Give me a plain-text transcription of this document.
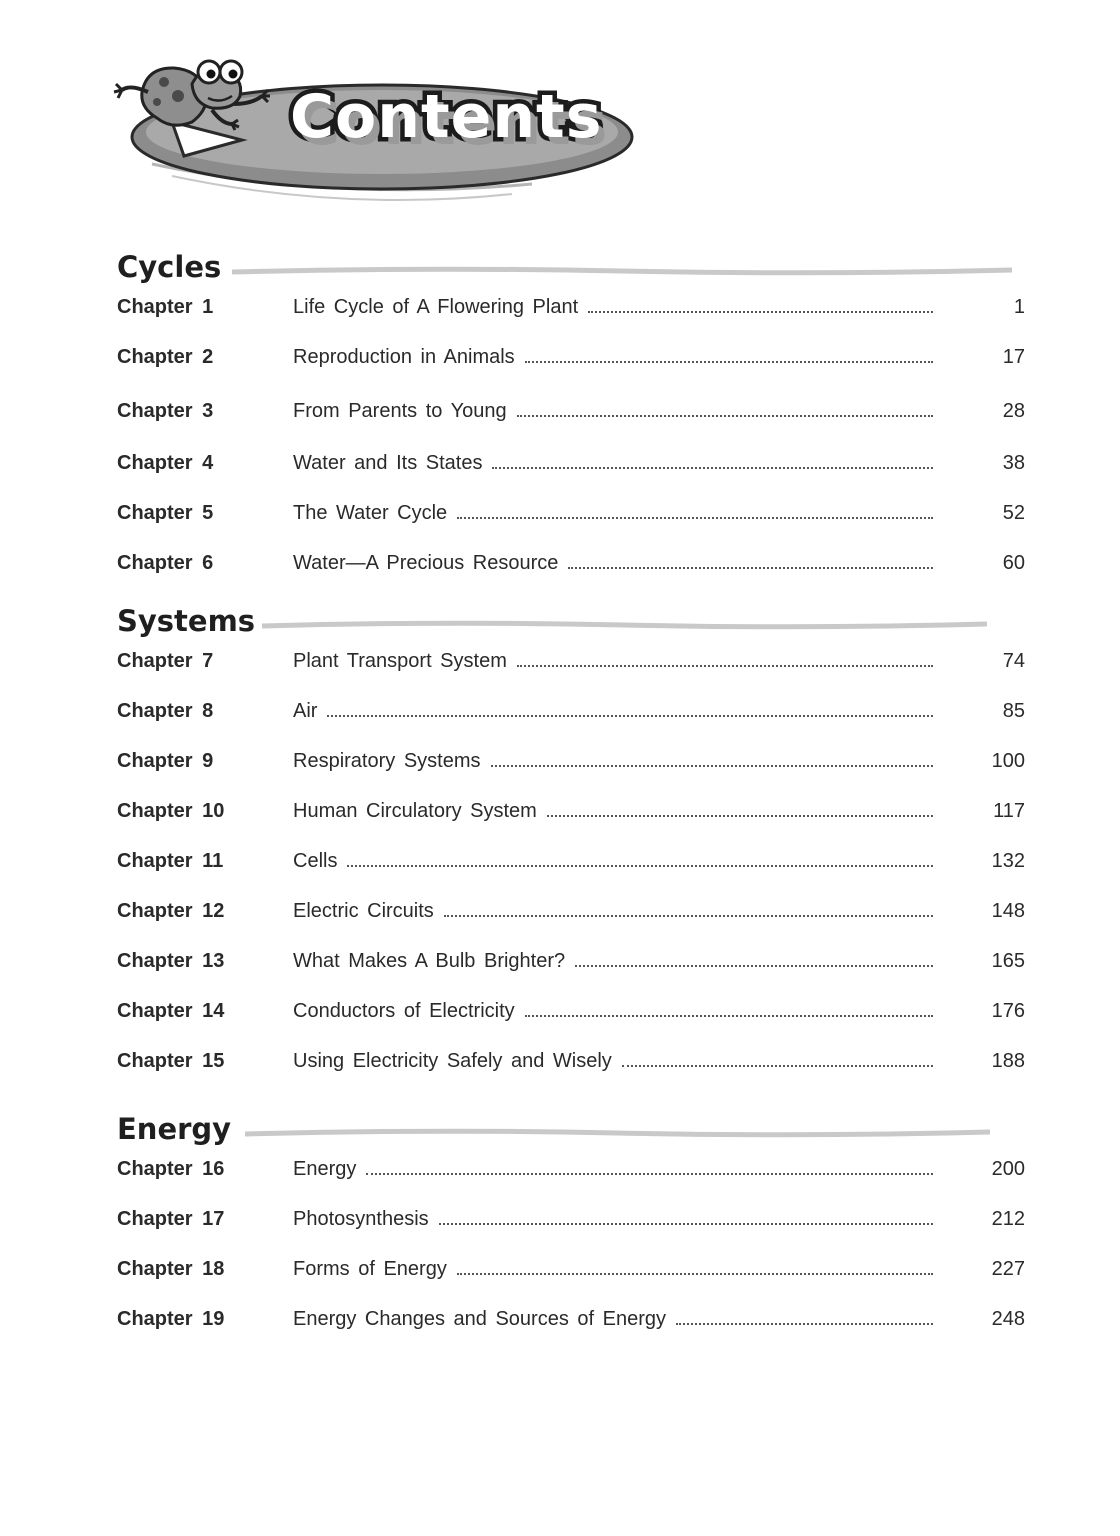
Contents
Cycles
Chapter 1	Life Cycle of A Flowering Plant	1
Chapter 2	Reproduction in Animals	17
Chapter 3	From Parents to Young	28
Chapter 4	Water and Its States	38
Chapter 5	The Water Cycle	52
Chapter 6	Water—A Precious Resource	60
Systems
Chapter 7	Plant Transport System	74
Chapter 8	Air	85
Chapter 9	Respiratory Systems	100
Chapter 10	Human Circulatory System	117
Chapter 11	Cells	132
Chapter 12	Electric Circuits	148
Chapter 13	What Makes A Bulb Brighter?	165
Chapter 14	Conductors of Electricity	176
Chapter 15	Using Electricity Safely and Wisely	188
Energy
Chapter 16	Energy	200
Chapter 17	Photosynthesis	212
Chapter 18	Forms of Energy	227
Chapter 19	Energy Changes and Sources of Energy	248
